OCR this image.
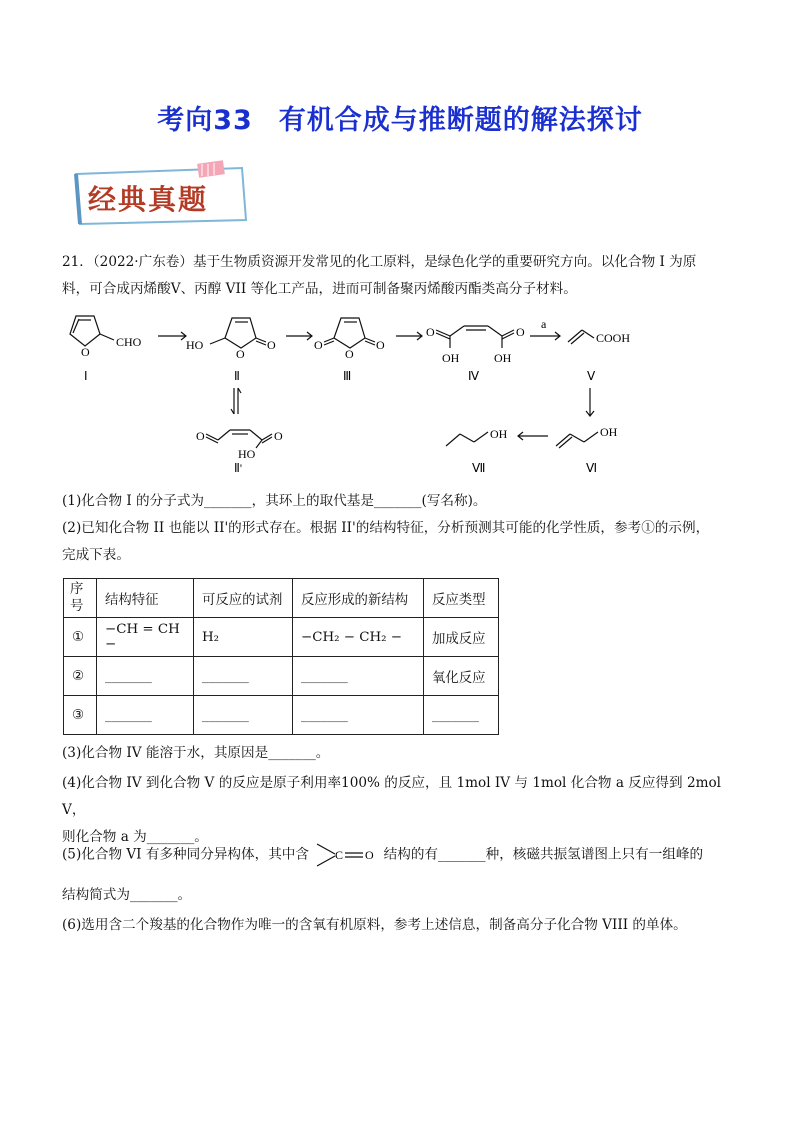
考向33 有机合成与推断题的解法探讨
经典真题
21．（2022·广东卷）基于生物质资源开发常见的化工原料，是绿色化学的重要研究方向。以化合物 I 为原
料，可合成丙烯酸V、丙醇 VII 等化工产品，进而可制备聚丙烯酸丙酯类高分子材料。
O
CHO
Ⅰ
HO
O
O
Ⅱ
O
O
O
Ⅲ
O	O
OH	OH
Ⅳ
a
COOH
Ⅴ
O	O
HO
Ⅱ'
OH
Ⅵ
OH
Ⅶ
(1)化合物 I 的分子式为_______，其环上的取代基是_______(写名称)。
(2)已知化合物 II 也能以 II'的形式存在。根据 II'的结构特征，分析预测其可能的化学性质，参考①的示例，
完成下表。
序号	结构特征	可反应的试剂	反应形成的新结构	反应类型
①	−CH = CH −	H₂	−CH₂ − CH₂ −	加成反应
②	_______	_______	_______	氧化反应
③	_______	_______	_______	_______
(3)化合物 IV 能溶于水，其原因是_______。
(4)化合物 IV 到化合物 V 的反应是原子利用率100% 的反应，且 1mol IV 与 1mol 化合物 a 反应得到 2mol V，
则化合物 a 为_______。
(5)化合物 VI 有多种同分异构体，其中含 C O 结构的有_______种，核磁共振氢谱图上只有一组峰的
结构简式为_______。
(6)选用含二个羧基的化合物作为唯一的含氧有机原料，参考上述信息，制备高分子化合物 VIII 的单体。
